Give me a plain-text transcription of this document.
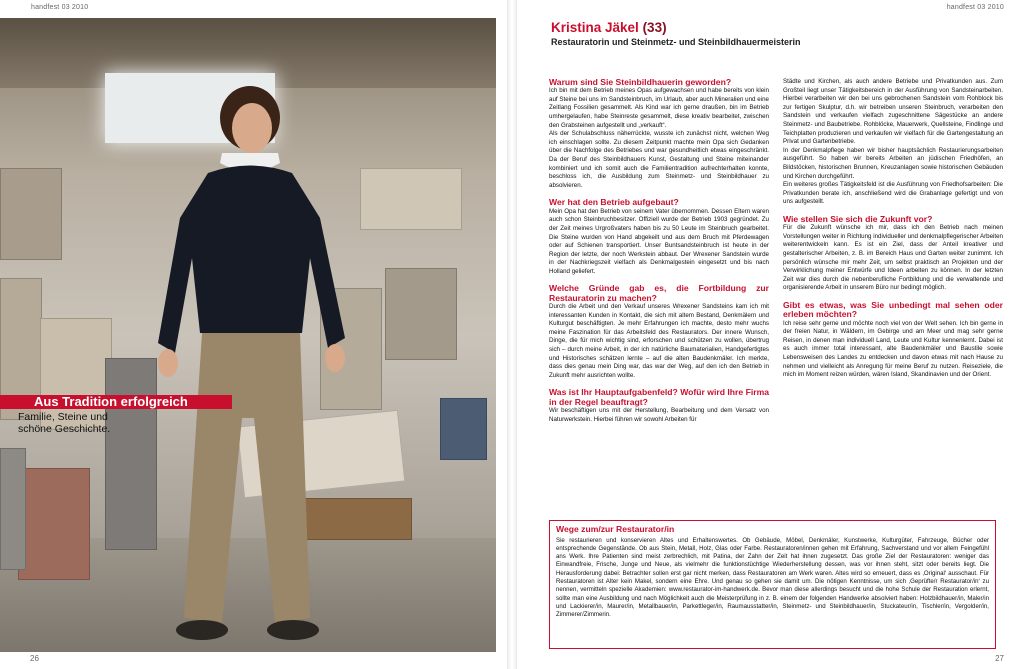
handfest 03 2010
Aus Tradition erfolgreich
Familie, Steine und schöne Geschichte.
26
handfest 03 2010
Kristina Jäkel (33)
Restauratorin und Steinmetz- und Steinbildhauermeisterin
Warum sind Sie Steinbildhauerin geworden?

Ich bin mit dem Betrieb meines Opas aufgewachsen und habe bereits von klein auf Steine bei uns im Sandsteinbruch, im Urlaub, aber auch Mineralien und eine Zeitlang Fossilien gesammelt. Als Kind war ich gerne draußen, bin im Betrieb umhergelaufen, habe Steinreste gesammelt, diese kreativ bearbeitet, zwischen den Grabsteinen aufgestellt und „verkauft“.

Als der Schulabschluss näherrückte, wusste ich zunächst nicht, welchen Weg ich einschlagen sollte. Zu diesem Zeitpunkt machte mein Opa sich Gedanken über die Nachfolge des Betriebes und war gesundheitlich etwas eingeschränkt. Da der Beruf des Steinbildhauers Kunst, Gestaltung und Steine miteinander kombiniert und ich somit auch die Familientradition aufrechterhalten konnte, beschloss ich, die Ausbildung zum Steinmetz- und Steinbildhauer zu absolvieren.

Wer hat den Betrieb aufgebaut?

Mein Opa hat den Betrieb von seinem Vater übernommen. Dessen Eltern waren auch schon Steinbruchbesitzer. Offiziell wurde der Betrieb 1903 gegründet. Zu der Zeit meines Urgroßvaters haben bis zu 50 Leute im Steinbruch gearbeitet. Die Steine wurden von Hand abgekeilt und aus dem Bruch mit Pferdewagen oder auf Schienen transportiert. Unser Buntsandsteinbruch ist heute in der Region der letzte, der noch Werkstein abbaut. Der Wrexener Sandstein wurde in der Nachkriegszeit vielfach als Denkmalgestein eingesetzt und bis nach Holland geliefert.

Welche Gründe gab es, die Fortbildung zur Restauratorin zu machen?

Durch die Arbeit und den Verkauf unseres Wrexener Sandsteins kam ich mit interessanten Kunden in Kontakt, die sich mit altem Bestand, Denkmälern und Kulturgut beschäftigten. Je mehr Erfahrungen ich machte, desto mehr wuchs meine Faszination für das Arbeitsfeld des Restaurators. Der innere Wunsch, Dinge, die für mich wichtig sind, erforschen und schützen zu wollen, übertrug sich – durch meine Arbeit, in der ich natürliche Baumaterialien, Handgefertigtes und Historisches schätzen lernte – auf die alten Baudenkmäler. Ich merkte, dass dies genau mein Ding war, das war der Weg, auf den ich den Betrieb in Zukunft mehr ausrichten wollte.

Was ist Ihr Hauptaufgabenfeld? Wofür wird Ihre Firma in der Regel beauftragt?

Wir beschäftigen uns mit der Herstellung, Bearbeitung und dem Versatz von Naturwerkstein. Hierbei führen wir sowohl Arbeiten für

Städte und Kirchen, als auch andere Betriebe und Privatkunden aus. Zum Großteil liegt unser Tätigkeitsbereich in der Ausführung von Sandsteinarbeiten. Hierbei verarbeiten wir den bei uns gebrochenen Sandstein vom Rohblock bis zur fertigen Skulptur, d.h. wir betreiben unseren Steinbruch, verarbeiten den Sandstein und verkaufen vielfach zugeschnittene Sägestücke an andere Steinmetz- und Baubetriebe. Rohblöcke, Mauerwerk, Quellsteine, Findlinge und Teichplatten produzieren und verkaufen wir vielfach für die Gartengestaltung an Privat und Gartenbetriebe.

In der Denkmalpflege haben wir bisher hauptsächlich Restaurierungsarbeiten ausgeführt. So haben wir bereits Arbeiten an jüdischen Friedhöfen, an Bildstöcken, historischen Brunnen, Kreuzanlagen sowie historischen Gebäuden und Kirchen durchgeführt.

Ein weiteres großes Tätigkeitsfeld ist die Ausführung von Friedhofsarbeiten: Die Privatkunden berate ich, anschließend wird die Grabanlage gefertigt und von uns aufgestellt.

Wie stellen Sie sich die Zukunft vor?

Für die Zukunft wünsche ich mir, dass ich den Betrieb nach meinen Vorstellungen weiter in Richtung individueller und denkmalpflegerischer Arbeiten weiterentwickeln kann. Es ist ein Ziel, dass der Anteil kreativer und gestalterischer Arbeiten, z. B. im Bereich Haus und Garten weiter zunimmt. Ich persönlich wünsche mir mehr Zeit, um selbst praktisch an Projekten und der Verwirklichung meiner Entwürfe und Ideen arbeiten zu können. In der letzten Zeit war dies durch die nebenberufliche Fortbildung und die verwaltende und organisierende Arbeit in unserem Büro nur bedingt möglich.

Gibt es etwas, was Sie unbedingt mal sehen oder erleben möchten?

Ich reise sehr gerne und möchte noch viel von der Welt sehen. Ich bin gerne in der freien Natur, in Wäldern, im Gebirge und am Meer und mag sehr gerne Reisen, in denen man individuell Land, Leute und Kultur kennenlernt. Dabei ist es auch immer total interessant, alte Baudenkmäler und Baustile sowie Lebensweisen des Landes zu entdecken und davon etwas mit nach Hause zu nehmen und vielleicht als Anregung für meine Beruf zu nutzen. Reiseziele, die mich im Moment reizen würden, wären Island, Skandinavien und der Orient.

Wege zum/zur Restaurator/in

Sie restaurieren und konservieren Altes und Erhaltenswertes. Ob Gebäude, Möbel, Denkmäler, Kunstwerke, Kulturgüter, Fahrzeuge, Bücher oder entsprechende Gegenstände. Ob aus Stein, Metall, Holz, Glas oder Farbe. Restauratoren/innen gehen mit Erfahrung, Sachverstand und vor allem Feingefühl ans Werk. Ihre Patienten sind meist zerbrechlich, mit Patina, der Zahn der Zeit hat ihnen zugesetzt. Das große Ziel der Restauratoren: weniger das Einwandfreie, Frische, Junge und Neue, als vielmehr die funktionstüchtige Wiederherstellung dessen, was vor ihnen steht, sitzt oder bereits liegt. Die Herausforderung dabei: Betrachter sollen erst gar nicht merken, dass Restauratoren am Werk waren. Altes wird so erneuert, dass es ‚Original‘ ausschaut. Für Restauratoren ist Alter kein Makel, sondern eine Ehre. Und genau so gehen sie damit um. Die nötigen Kenntnisse, um sich ‚Geprüfte/r Restaurator/in‘ zu nennen, vermitteln spezielle Akademien: www.restaurator-im-handwerk.de. Bevor man diese allerdings besucht und die hohe Schule der Restauration erlernt, sollte man eine Ausbildung und nach Möglichkeit auch die Meisterprüfung in z. B. einem der folgenden Handwerke absolviert haben: Holzbildhauer/in, Maler/in und Lackierer/in, Maurer/in, Metallbauer/in, Parkettleger/in, Raumausstatter/in, Steinmetz- und Steinbildhauer/in, Stuckateur/in, Tischler/in, Vergolder/in, Zimmerer/Zimmerin.

27
